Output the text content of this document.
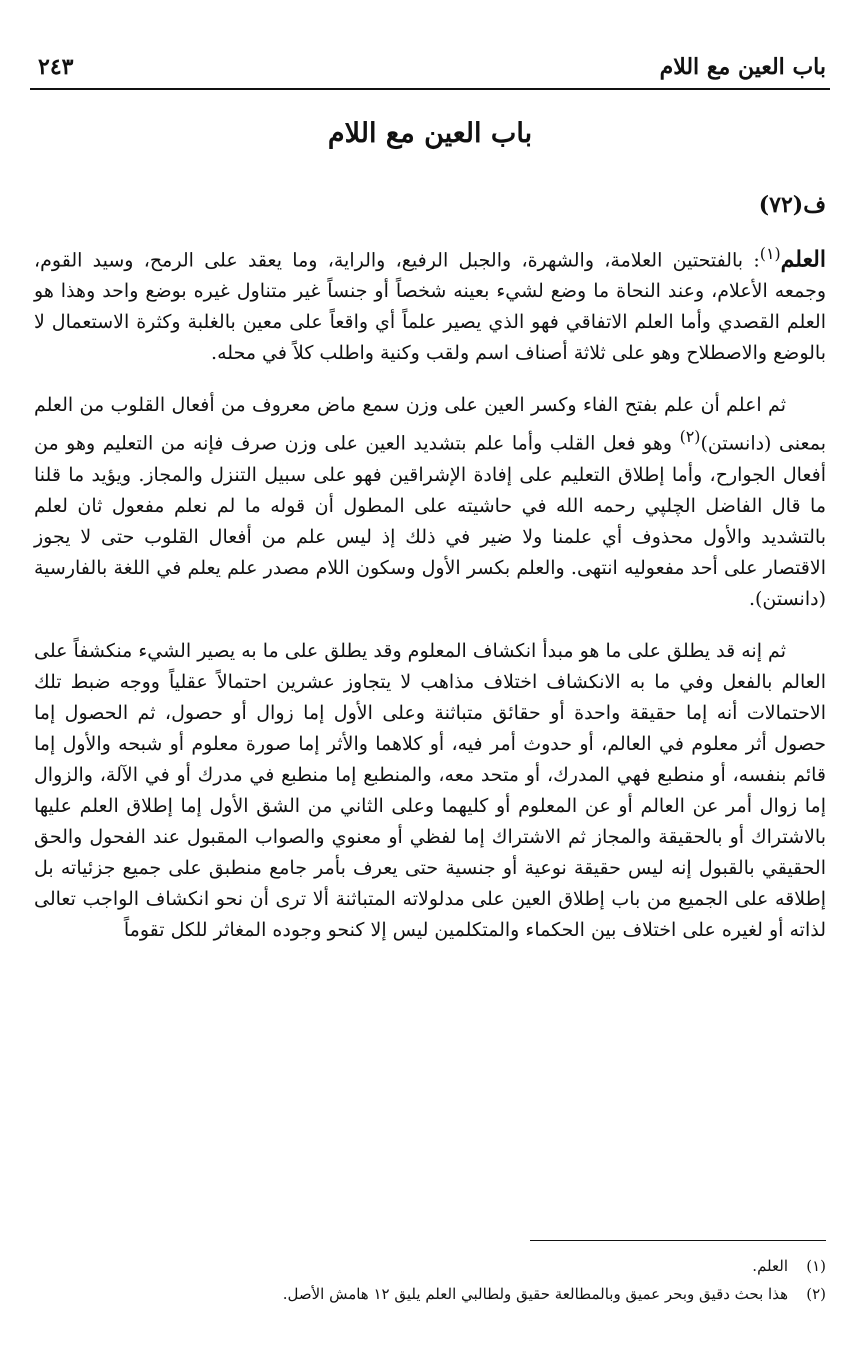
باب العين مع اللام
٢٤٣
باب العين مع اللام
ف(٧٢)

العلم$^{(١)}$: بالفتحتين العلامة، والشهرة، والجبل الرفيع، والراية، وما يعقد على الرمح، وسيد القوم، وجمعه الأعلام، وعند النحاة ما وضع لشيء بعينه شخصاً أو جنساً غير متناول غيره بوضع واحد وهذا هو العلم القصدي وأما العلم الاتفاقي فهو الذي يصير علماً أي واقعاً على معين بالغلبة وكثرة الاستعمال لا بالوضع والاصطلاح وهو على ثلاثة أصناف اسم ولقب وكنية واطلب كلاً في محله.

ثم اعلم أن علم بفتح الفاء وكسر العين على وزن سمع ماض معروف من أفعال القلوب من العلم بمعنى (دانستن)$^{(٢)}$ وهو فعل القلب وأما علم بتشديد العين على وزن صرف فإنه من التعليم وهو من أفعال الجوارح، وأما إطلاق التعليم على إفادة الإشراقين فهو على سبيل التنزل والمجاز. ويؤيد ما قلنا ما قال الفاضل الچلپي رحمه الله في حاشيته على المطول أن قوله ما لم نعلم مفعول ثان لعلم بالتشديد والأول محذوف أي علمنا ولا ضير في ذلك إذ ليس علم من أفعال القلوب حتى لا يجوز الاقتصار على أحد مفعوليه انتهى. والعلم بكسر الأول وسكون اللام مصدر علم يعلم في اللغة بالفارسية (دانستن).

ثم إنه قد يطلق على ما هو مبدأ انكشاف المعلوم وقد يطلق على ما به يصير الشيء منكشفاً على العالم بالفعل وفي ما به الانكشاف اختلاف مذاهب لا يتجاوز عشرين احتمالاً عقلياً ووجه ضبط تلك الاحتمالات أنه إما حقيقة واحدة أو حقائق متباثنة وعلى الأول إما زوال أو حصول، ثم الحصول إما حصول أثر معلوم في العالم، أو حدوث أمر فيه، أو كلاهما والأثر إما صورة معلوم أو شبحه والأول إما قائم بنفسه، أو منطبع فهي المدرك، أو متحد معه، والمنطبع إما منطبع في مدرك أو في الآلة، والزوال إما زوال أمر عن العالم أو عن المعلوم أو كليهما وعلى الثاني من الشق الأول إما إطلاق العلم عليها بالاشتراك أو بالحقيقة والمجاز ثم الاشتراك إما لفظي أو معنوي والصواب المقبول عند الفحول والحق الحقيقي بالقبول إنه ليس حقيقة نوعية أو جنسية حتى يعرف بأمر جامع منطبق على جميع جزئياته بل إطلاقه على الجميع من باب إطلاق العين على مدلولاته المتباثنة ألا ترى أن نحو انكشاف الواجب تعالى لذاته أو لغيره على اختلاف بين الحكماء والمتكلمين ليس إلا كنحو وجوده المغاثر للكل تقوماً

(١)العلم.

(٢)هذا بحث دقيق وبحر عميق وبالمطالعة حقيق ولطالبي العلم يليق ١٢ هامش الأصل.
